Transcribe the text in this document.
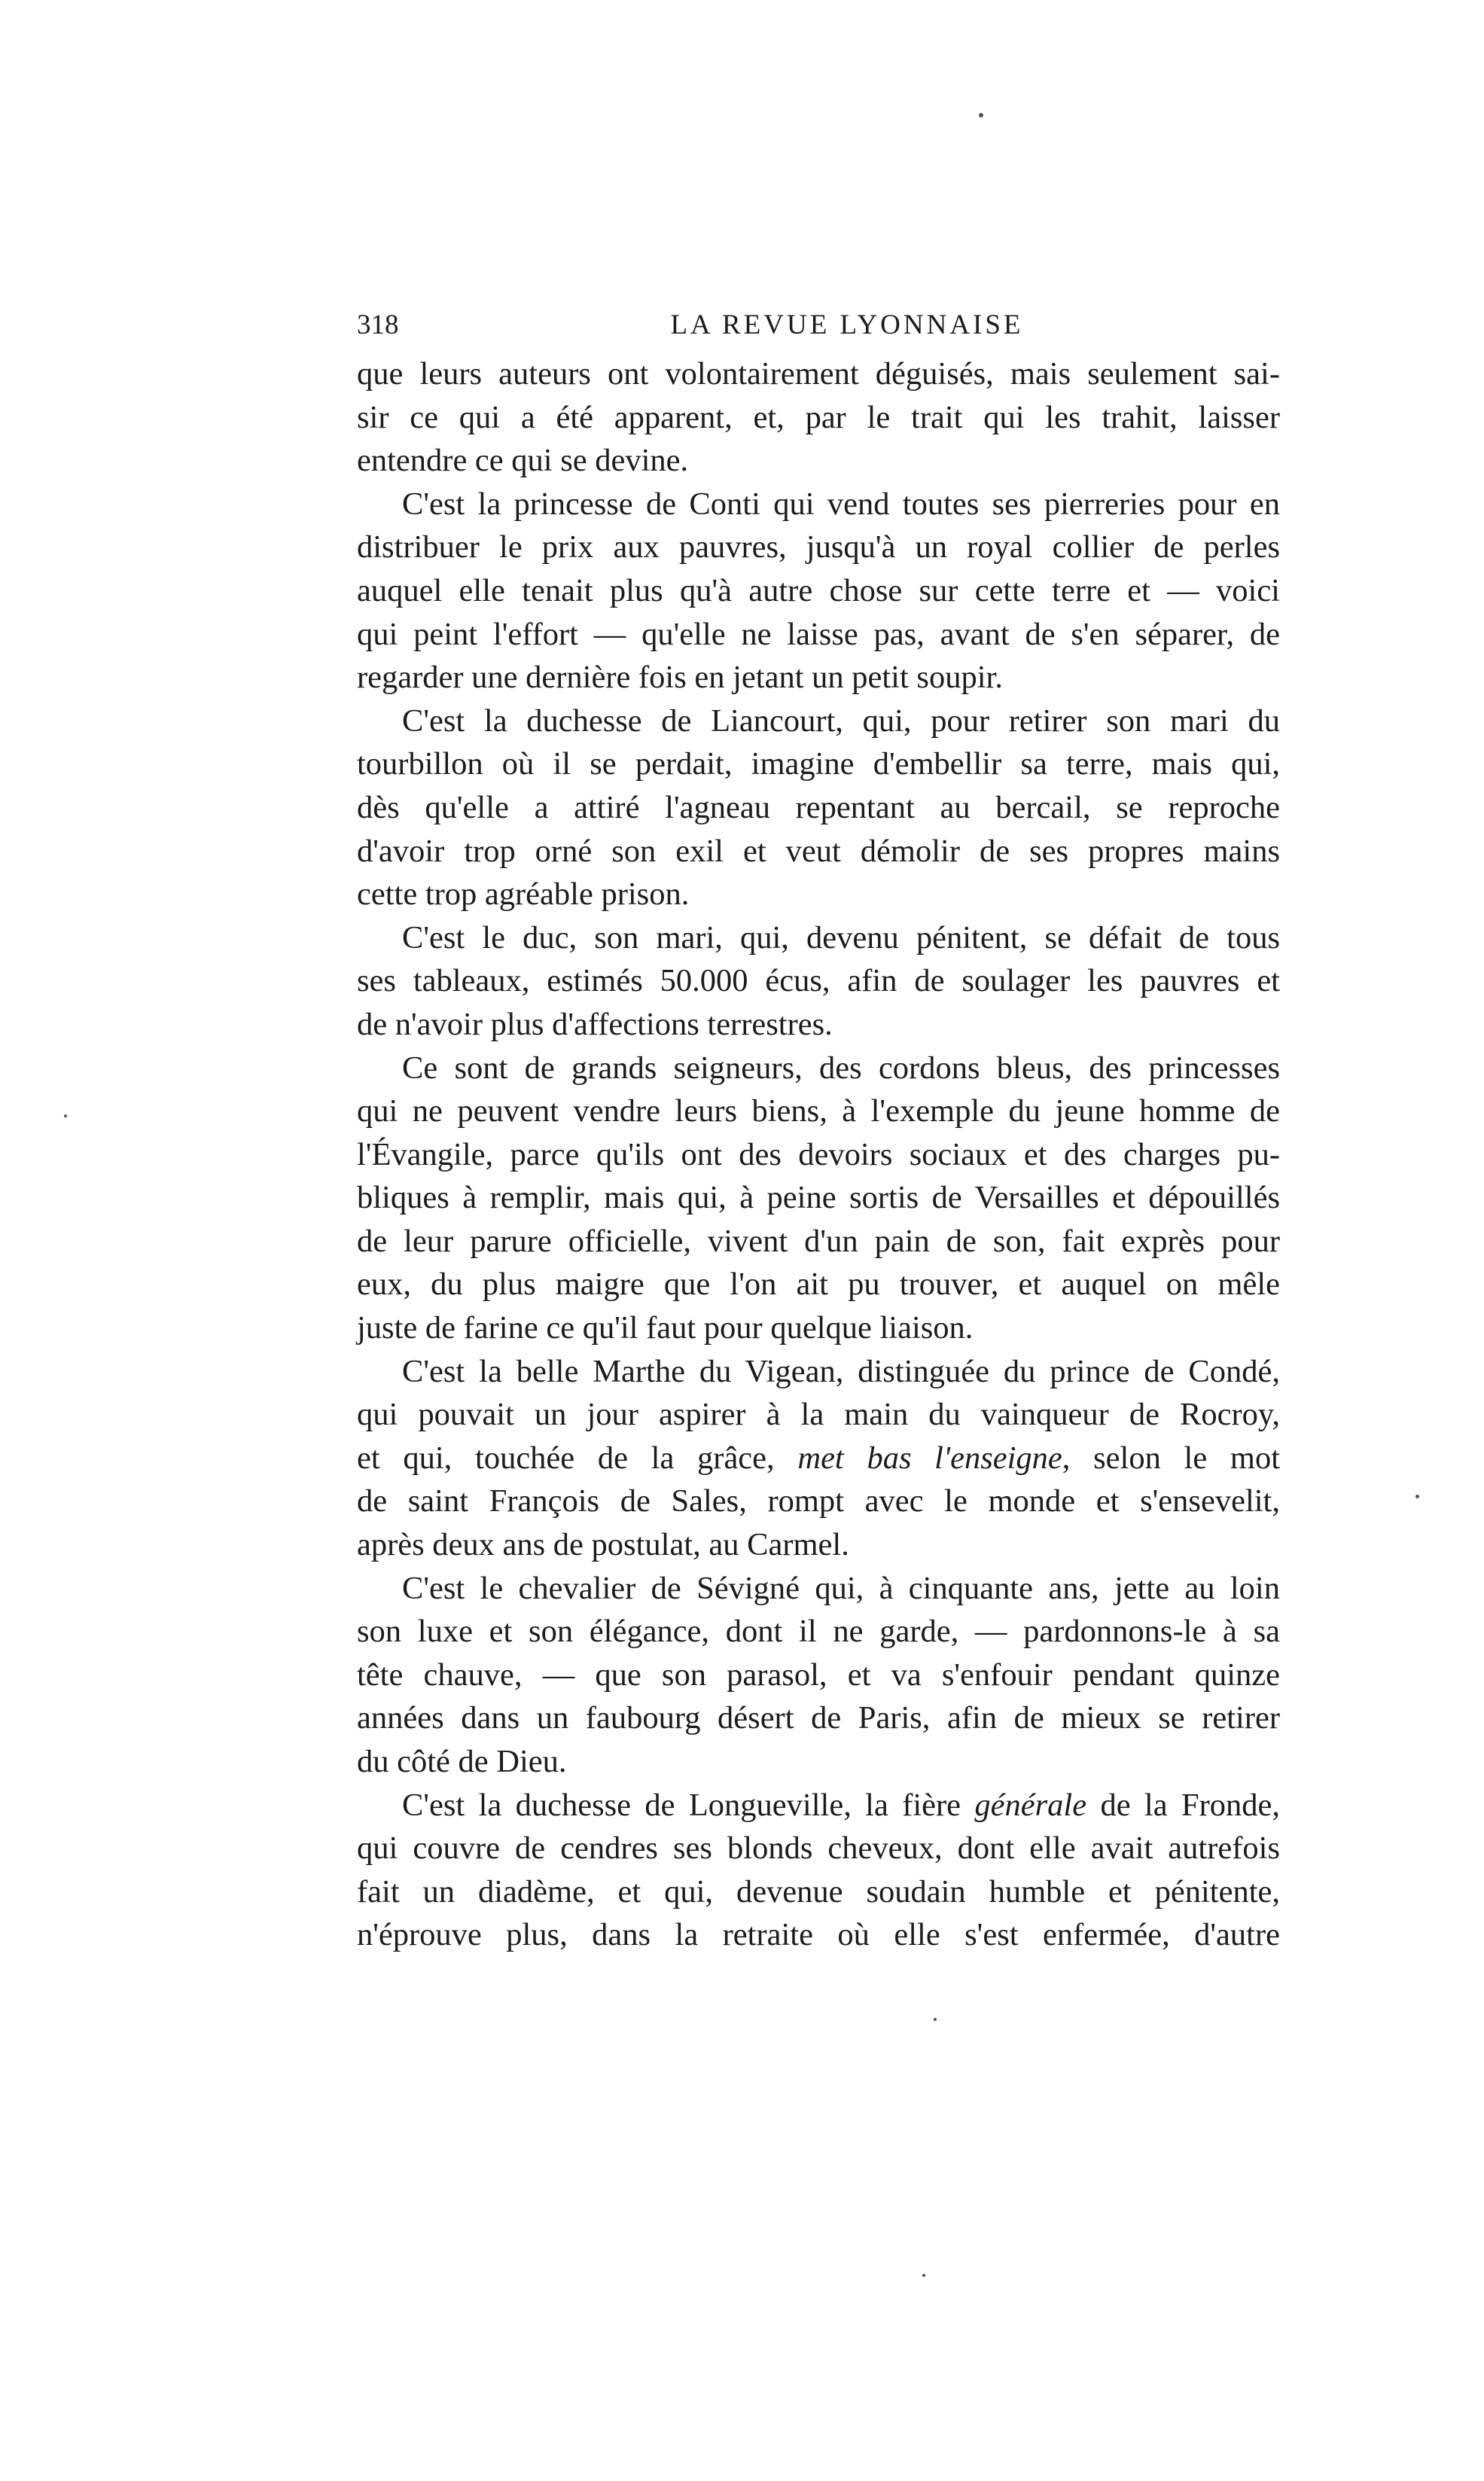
318	LA REVUE LYONNAISE
que leurs auteurs ont volontairement déguisés, mais seulement sai-
sir ce qui a été apparent, et, par le trait qui les trahit, laisser
entendre ce qui se devine.
C'est la princesse de Conti qui vend toutes ses pierreries pour en
distribuer le prix aux pauvres, jusqu'à un royal collier de perles
auquel elle tenait plus qu'à autre chose sur cette terre et — voici
qui peint l'effort — qu'elle ne laisse pas, avant de s'en séparer, de
regarder une dernière fois en jetant un petit soupir.
C'est la duchesse de Liancourt, qui, pour retirer son mari du
tourbillon où il se perdait, imagine d'embellir sa terre, mais qui,
dès qu'elle a attiré l'agneau repentant au bercail, se reproche
d'avoir trop orné son exil et veut démolir de ses propres mains
cette trop agréable prison.
C'est le duc, son mari, qui, devenu pénitent, se défait de tous
ses tableaux, estimés 50.000 écus, afin de soulager les pauvres et
de n'avoir plus d'affections terrestres.
Ce sont de grands seigneurs, des cordons bleus, des princesses
qui ne peuvent vendre leurs biens, à l'exemple du jeune homme de
l'Évangile, parce qu'ils ont des devoirs sociaux et des charges pu-
bliques à remplir, mais qui, à peine sortis de Versailles et dépouillés
de leur parure officielle, vivent d'un pain de son, fait exprès pour
eux, du plus maigre que l'on ait pu trouver, et auquel on mêle
juste de farine ce qu'il faut pour quelque liaison.
C'est la belle Marthe du Vigean, distinguée du prince de Condé,
qui pouvait un jour aspirer à la main du vainqueur de Rocroy,
et qui, touchée de la grâce, met bas l'enseigne, selon le mot
de saint François de Sales, rompt avec le monde et s'ensevelit,
après deux ans de postulat, au Carmel.
C'est le chevalier de Sévigné qui, à cinquante ans, jette au loin
son luxe et son élégance, dont il ne garde, — pardonnons-le à sa
tête chauve, — que son parasol, et va s'enfouir pendant quinze
années dans un faubourg désert de Paris, afin de mieux se retirer
du côté de Dieu.
C'est la duchesse de Longueville, la fière générale de la Fronde,
qui couvre de cendres ses blonds cheveux, dont elle avait autrefois
fait un diadème, et qui, devenue soudain humble et pénitente,
n'éprouve plus, dans la retraite où elle s'est enfermée, d'autre
